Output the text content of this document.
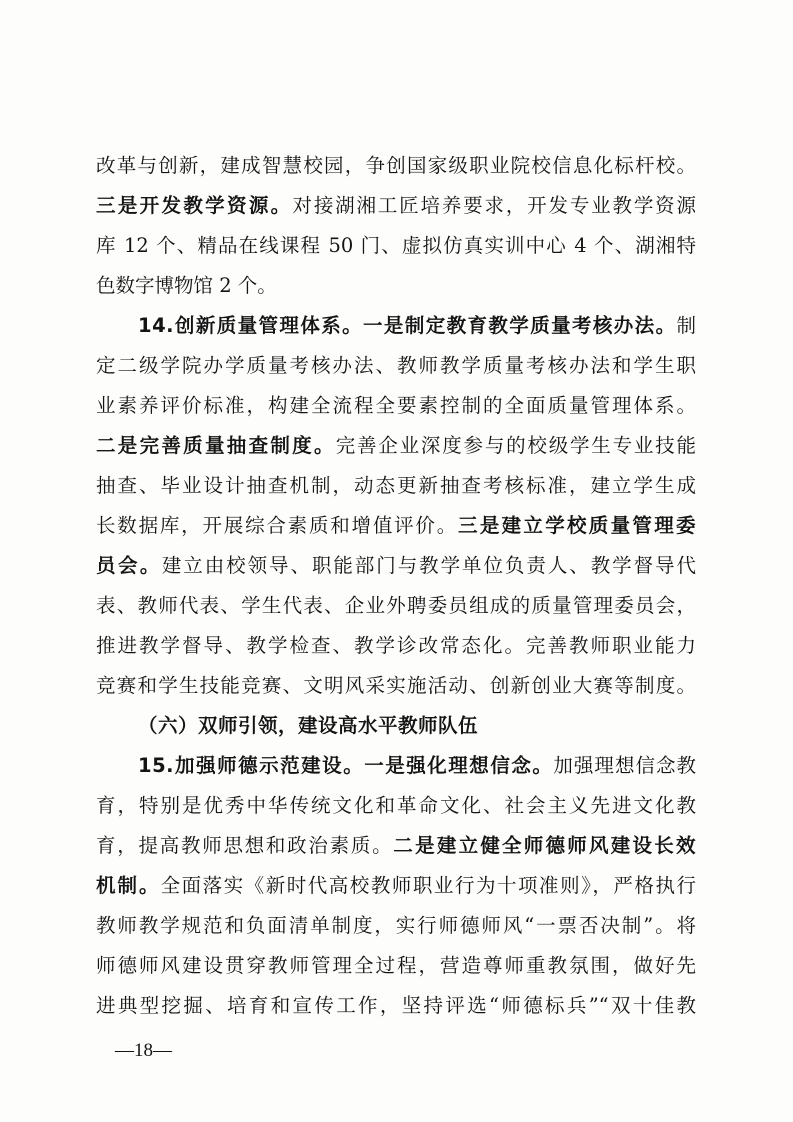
改革与创新，建成智慧校园，争创国家级职业院校信息化标杆校。
三是开发教学资源。对接湖湘工匠培养要求，开发专业教学资源
库 12 个、精品在线课程 50 门、虚拟仿真实训中心 4 个、湖湘特
色数字博物馆 2 个。
14.创新质量管理体系。一是制定教育教学质量考核办法。制
定二级学院办学质量考核办法、教师教学质量考核办法和学生职
业素养评价标准，构建全流程全要素控制的全面质量管理体系。
二是完善质量抽查制度。完善企业深度参与的校级学生专业技能
抽查、毕业设计抽查机制，动态更新抽查考核标准，建立学生成
长数据库，开展综合素质和增值评价。三是建立学校质量管理委
员会。建立由校领导、职能部门与教学单位负责人、教学督导代
表、教师代表、学生代表、企业外聘委员组成的质量管理委员会，
推进教学督导、教学检查、教学诊改常态化。完善教师职业能力
竞赛和学生技能竞赛、文明风采实施活动、创新创业大赛等制度。
（六）双师引领，建设高水平教师队伍
15.加强师德示范建设。一是强化理想信念。加强理想信念教
育，特别是优秀中华传统文化和革命文化、社会主义先进文化教
育，提高教师思想和政治素质。二是建立健全师德师风建设长效
机制。全面落实《新时代高校教师职业行为十项准则》，严格执行
教师教学规范和负面清单制度，实行师德师风“一票否决制”。将
师德师风建设贯穿教师管理全过程，营造尊师重教氛围，做好先
进典型挖掘、培育和宣传工作，坚持评选“师德标兵”“双十佳教
—18—
